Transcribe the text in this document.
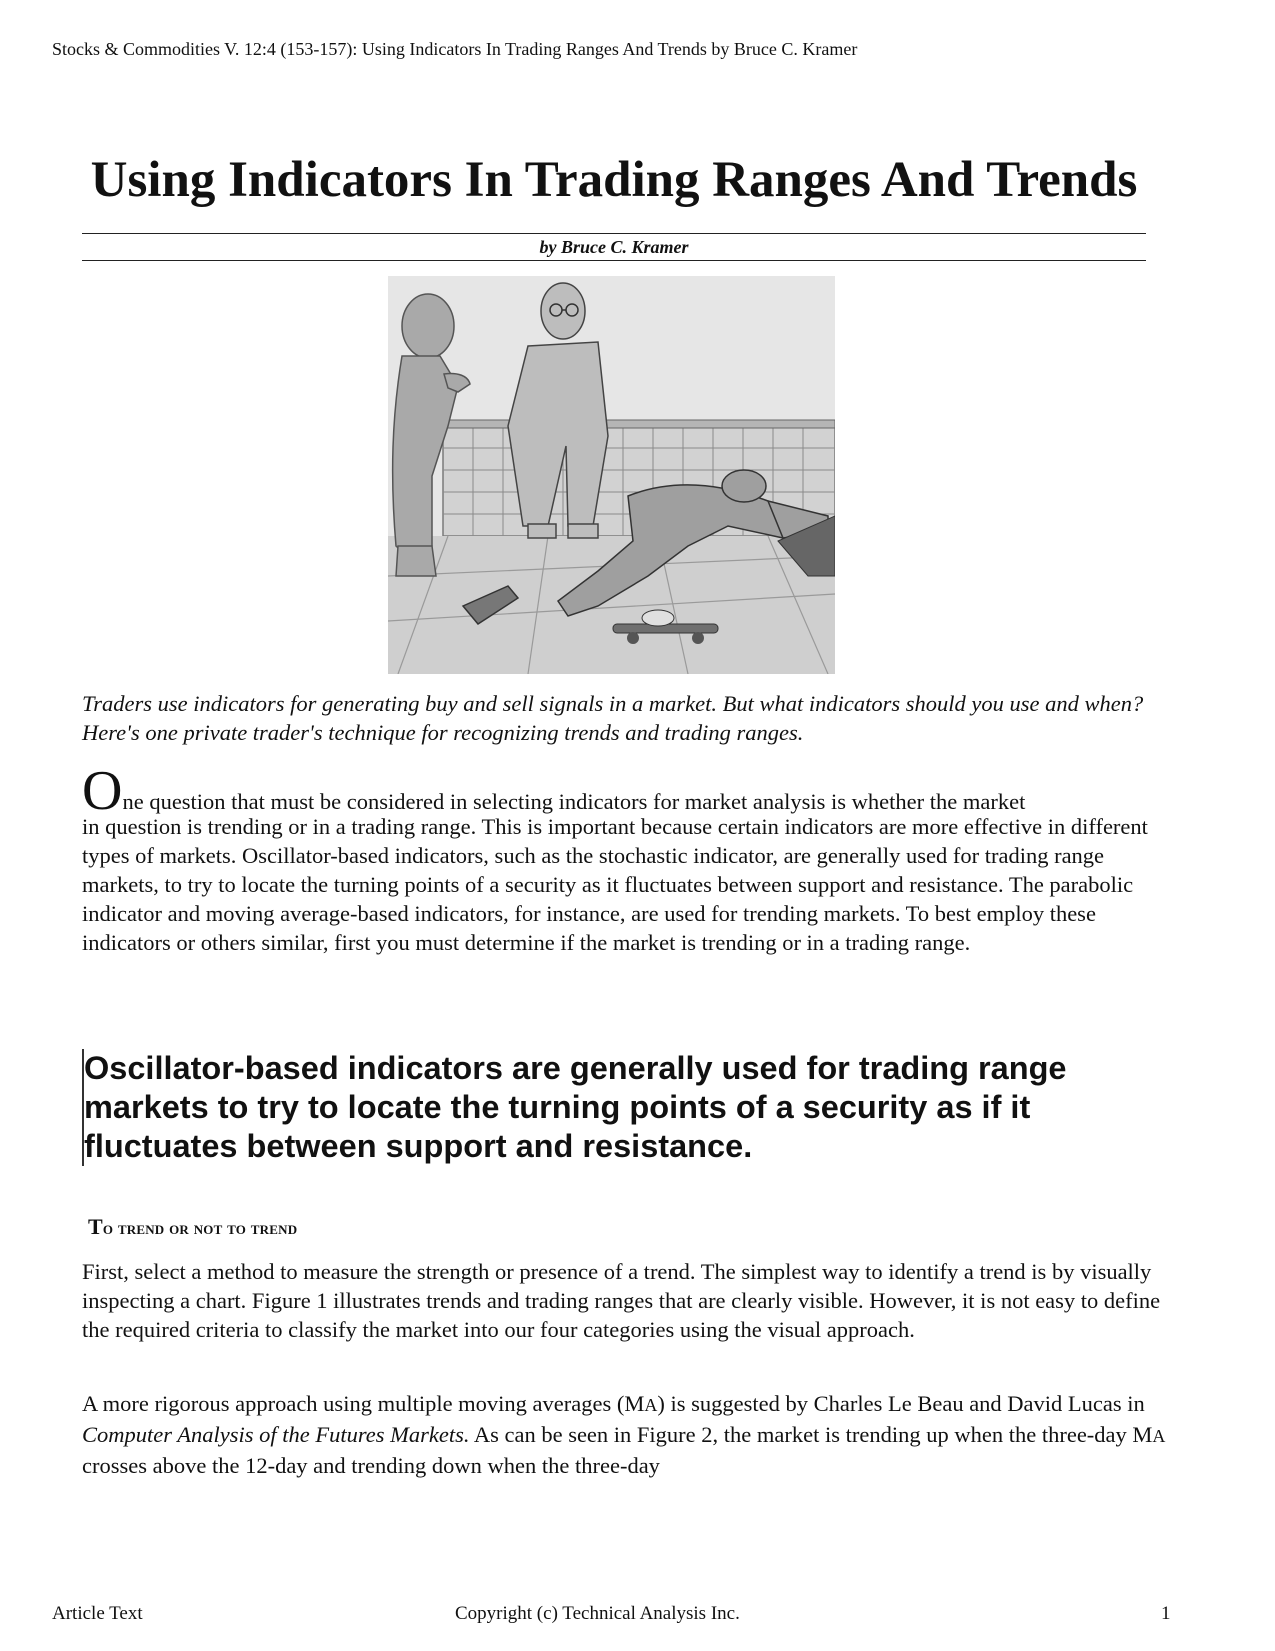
Stocks & Commodities V. 12:4 (153-157): Using Indicators In Trading Ranges And Trends by Bruce C. Kramer
Using Indicators In Trading Ranges And Trends
by Bruce C. Kramer

Traders use indicators for generating buy and sell signals in a market. But what indicators should you use and when? Here's one private trader's technique for recognizing trends and trading ranges.

One question that must be considered in selecting indicators for market analysis is whether the market
in question is trending or in a trading range. This is important because certain indicators are more effective in different types of markets. Oscillator-based indicators, such as the stochastic indicator, are generally used for trading range markets, to try to locate the turning points of a security as it fluctuates between support and resistance. The parabolic indicator and moving average-based indicators, for instance, are used for trending markets. To best employ these indicators or others similar, first you must determine if the market is trending or in a trading range.
Oscillator-based indicators are generally used for trading range markets to try to locate the turning points of a security as if it fluctuates between support and resistance.
To trend or not to trend

First, select a method to measure the strength or presence of a trend. The simplest way to identify a trend is by visually inspecting a chart. Figure 1 illustrates trends and trading ranges that are clearly visible. However, it is not easy to define the required criteria to classify the market into our four categories using the visual approach.

A more rigorous approach using multiple moving averages (MA) is suggested by Charles Le Beau and David Lucas in Computer Analysis of the Futures Markets. As can be seen in Figure 2, the market is trending up when the three-day MA crosses above the 12-day and trending down when the three-day

Article Text	Copyright (c) Technical Analysis Inc.	1
